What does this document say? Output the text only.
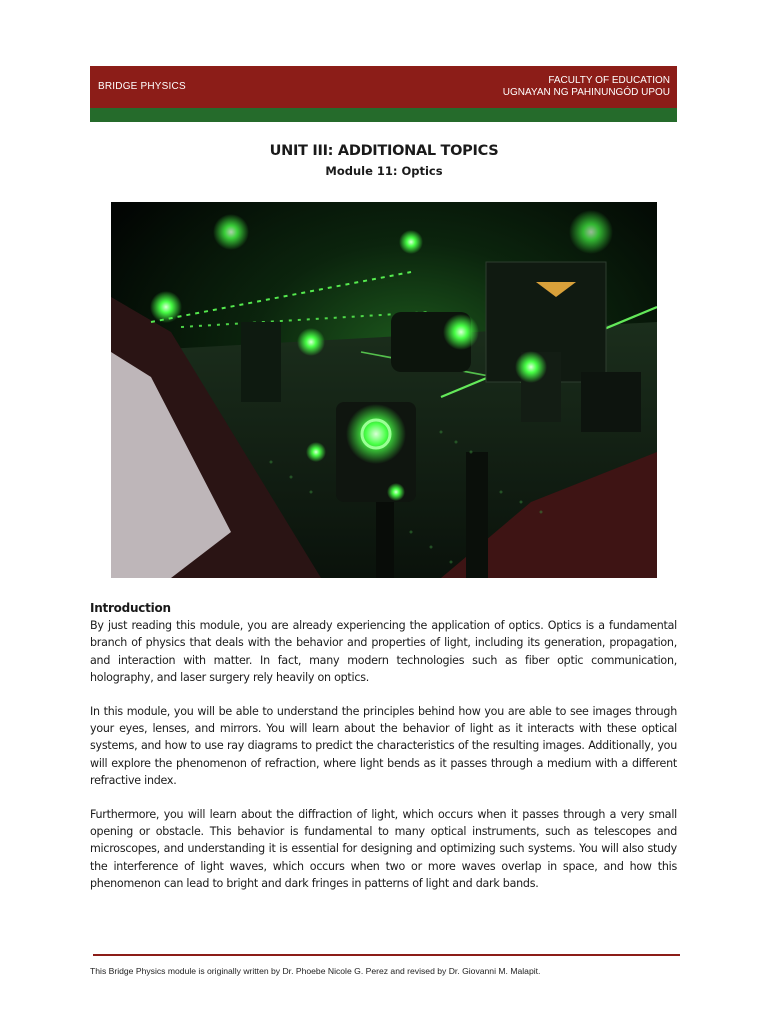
BRIDGE PHYSICS
FACULTY OF EDUCATION
UGNAYAN NG PAHINUNGÓD UPOU
UNIT III: ADDITIONAL TOPICS
Module 11: Optics

Introduction

By just reading this module, you are already experiencing the application of optics. Optics is a fundamental branch of physics that deals with the behavior and properties of light, including its generation, propagation, and interaction with matter. In fact, many modern technologies such as fiber optic communication, holography, and laser surgery rely heavily on optics.

In this module, you will be able to understand the principles behind how you are able to see images through your eyes, lenses, and mirrors. You will learn about the behavior of light as it interacts with these optical systems, and how to use ray diagrams to predict the characteristics of the resulting images. Additionally, you will explore the phenomenon of refraction, where light bends as it passes through a medium with a different refractive index.

Furthermore, you will learn about the diffraction of light, which occurs when it passes through a very small opening or obstacle. This behavior is fundamental to many optical instruments, such as telescopes and microscopes, and understanding it is essential for designing and optimizing such systems. You will also study the interference of light waves, which occurs when two or more waves overlap in space, and how this phenomenon can lead to bright and dark fringes in patterns of light and dark bands.

This Bridge Physics module is originally written by Dr. Phoebe Nicole G. Perez and revised by Dr. Giovanni M. Malapit.
